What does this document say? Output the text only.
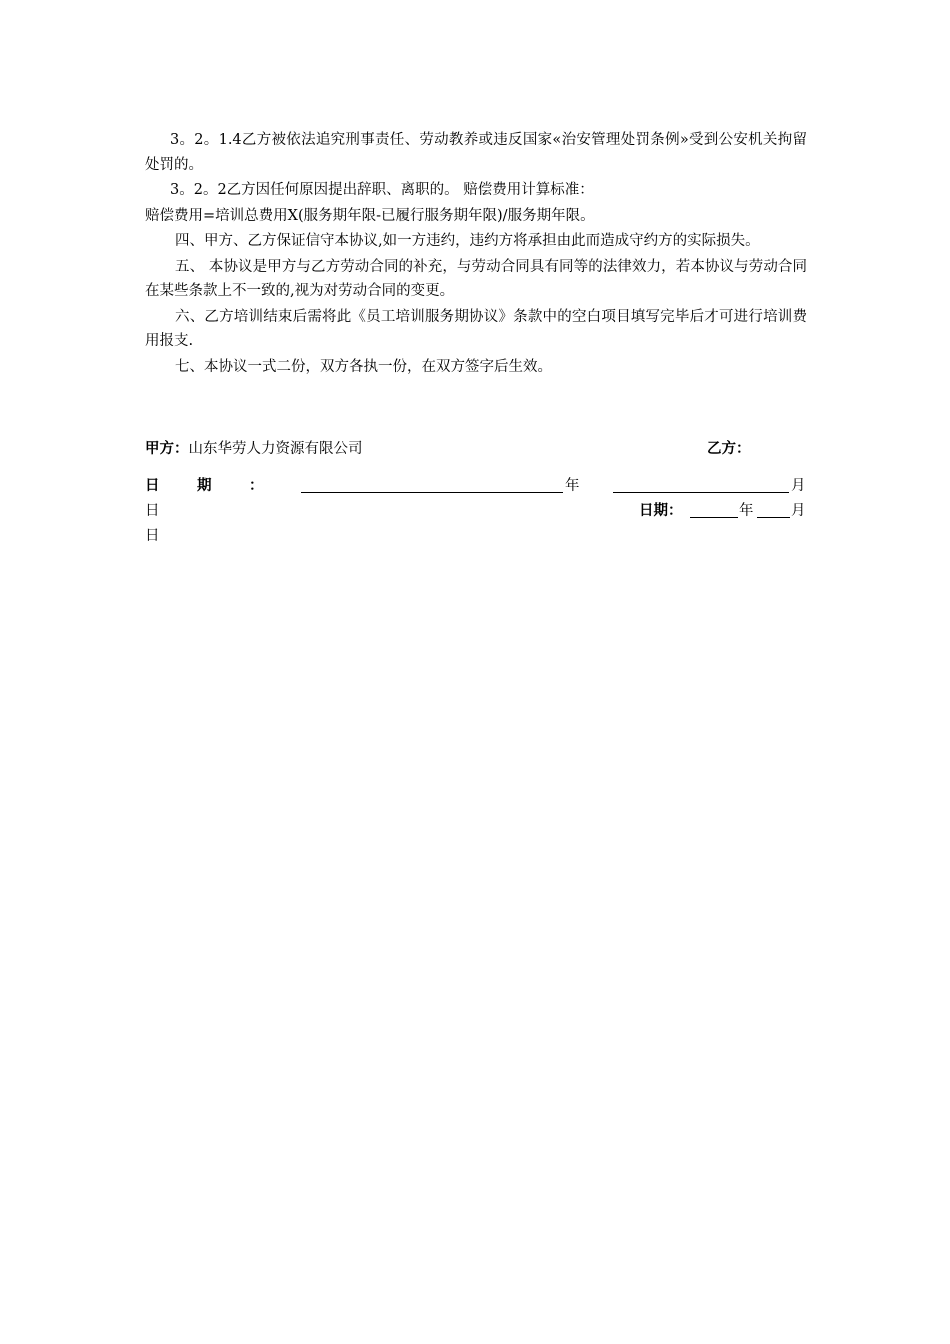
3。2。1.4乙方被依法追究刑事责任、劳动教养或违反国家«治安管理处罚条例»受到公安机关拘留处罚的。

3。2。2乙方因任何原因提出辞职、离职的。 赔偿费用计算标准：

赔偿费用=培训总费用X(服务期年限-已履行服务期年限)/服务期年限。

四、甲方、乙方保证信守本协议,如一方违约，违约方将承担由此而造成守约方的实际损失。

五、 本协议是甲方与乙方劳动合同的补充，与劳动合同具有同等的法律效力，若本协议与劳动合同在某些条款上不一致的,视为对劳动合同的变更。

六、乙方培训结束后需将此《员工培训服务期协议》条款中的空白项目填写完毕后才可进行培训费用报支.

七、本协议一式二份，双方各执一份，在双方签字后生效。

甲方：山东华劳人力资源有限公司	乙方：
日	期	：	年	月
日	日期：	年	月
日
